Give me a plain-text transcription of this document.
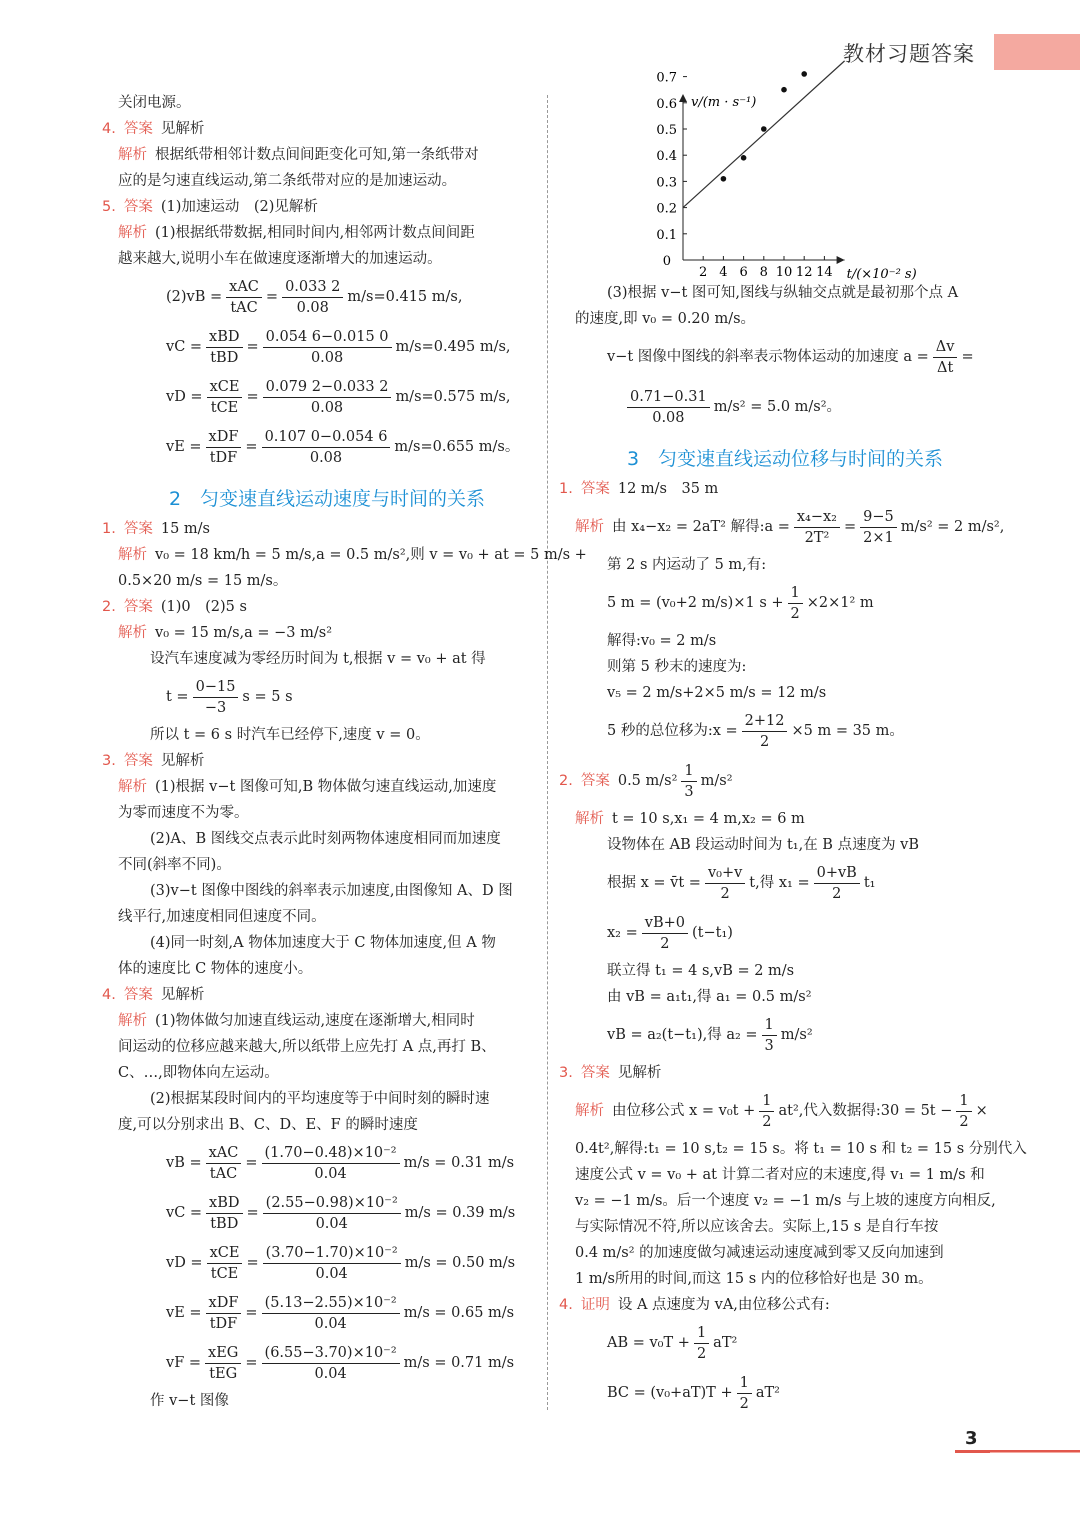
教材习题答案
关闭电源。
4. 答案 见解析
解析 根据纸带相邻计数点间间距变化可知,第一条纸带对
应的是匀速直线运动,第二条纸带对应的是加速运动。
5. 答案 (1)加速运动　(2)见解析
解析 (1)根据纸带数据,相同时间内,相邻两计数点间间距
越来越大,说明小车在做速度逐渐增大的加速运动。
$(2)vB = \frac{\text{xAC}}{\text{tAC}} = \frac{0.033 2}{0.08} m/s=0.415$ m/s,
vC = $\frac{\text{xBD}}{\text{tBD}} = \frac{0.054 6-0.015 0}{0.08} m/s=0.495$ m/s,
vD = $\frac{\text{xCE}}{\text{tCE}} = \frac{0.079 2-0.033 2}{0.08} m/s=0.575$ m/s,
vE = $\frac{\text{xDF}}{\text{tDF}} = \frac{0.107 0-0.054 6}{0.08} m/s=0.655$ m/s。
2　匀变速直线运动速度与时间的关系
1. 答案 15 m/s
解析 v₀ = 18 km/h = 5 m/s,a = 0.5 m/s²,则 v = v₀ + at = 5 m/s +
0.5×20 m/s = 15 m/s。
2. 答案 (1)0　(2)5 s
解析 v₀ = 15 m/s,a = −3 m/s²
设汽车速度减为零经历时间为 t,根据 v = v₀ + at 得
$t = \frac{0-15}{-3}$ s = 5 s
所以 t = 6 s 时汽车已经停下,速度 v = 0。
3. 答案 见解析
解析 (1)根据 v−t 图像可知,B 物体做匀速直线运动,加速度
为零而速度不为零。
(2)A、B 图线交点表示此时刻两物体速度相同而加速度
不同(斜率不同)。
(3)v−t 图像中图线的斜率表示加速度,由图像知 A、D 图
线平行,加速度相同但速度不同。
(4)同一时刻,A 物体加速度大于 C 物体加速度,但 A 物
体的速度比 C 物体的速度小。
4. 答案 见解析
解析 (1)物体做匀加速直线运动,速度在逐渐增大,相同时
间运动的位移应越来越大,所以纸带上应先打 A 点,再打 B、
C、…,即物体向左运动。
(2)根据某段时间内的平均速度等于中间时刻的瞬时速
度,可以分别求出 B、C、D、E、F 的瞬时速度
vB = $\frac{\text{xAC}}{\text{tAC}} = \frac{\text{(1.70−0.48)×10⁻²}}{0.04} m/s = 0.31$ m/s
vC = $\frac{\text{xBD}}{\text{tBD}} = \frac{\text{(2.55−0.98)×10⁻²}}{0.04} m/s = 0.39$ m/s
vD = $\frac{\text{xCE}}{\text{tCE}} = \frac{\text{(3.70−1.70)×10⁻²}}{0.04} m/s = 0.50$ m/s
vE = $\frac{\text{xDF}}{\text{tDF}} = \frac{\text{(5.13−2.55)×10⁻²}}{0.04} m/s = 0.65$ m/s
vF = $\frac{\text{xEG}}{\text{tEG}} = \frac{\text{(6.55−3.70)×10⁻²}}{0.04} m/s = 0.71$ m/s
作 v−t 图像
0
2 4 6 8 10 12 14
0.1
0.2
0.3
0.4
0.5
0.6
0.7
v/(m · s⁻¹)
t/(×10⁻² s)
(3)根据 v−t 图可知,图线与纵轴交点就是最初那个点 A
的速度,即 v₀ = 0.20 m/s。
v−t 图像中图线的斜率表示物体运动的加速度 $a = \frac{\Delta v}{\Delta t}$ =
$\frac{0.71-0.31}{0.08} m/s^2 = 5.0$ m/s²。
3　匀变速直线运动位移与时间的关系
1. 答案 12 m/s　35 m
解析 由 x₄−x₂ = 2aT² 解得:a = $\frac{\text{x₄−x₂}}{\text{2T²}} = \frac{9-5}{2\times 1} m/s^2 = 2$ m/s²,
第 2 s 内运动了 5 m,有:
5 m = (v₀+2 m/s)×1 $s + \frac{1}{2} \times 2\times 1^2$ m
解得:v₀ = 2 m/s
则第 5 秒末的速度为:
v₅ = 2 m/s+2×5 m/s = 12 m/s
5 秒的总位移为:x = $\frac{2+12}{2} \times 5$ m = 35 m。
2. 答案 0.5 $m/s^2 \frac{1}{3} m/s^2$
解析 t = 10 s,x₁ = 4 m,x₂ = 6 m
设物体在 AB 段运动时间为 t₁,在 B 点速度为 vB
根据 x = v̄t = $\frac{\text{v₀+v}}{2} t$,得 $x_1 = \frac{0+vB}{2} t_1$
$x_2 = \frac{vB+0}{2} (t-t_1)$
联立得 t₁ = 4 s,vB = 2 m/s
由 vB = a₁t₁,得 a₁ = 0.5 m/s²
vB = a₂(t−t₁),得 $a_2 = \frac{1}{3} m/s^2$
3. 答案 见解析
解析 由位移公式 $x = v_0t + \frac{1}{2} at^2$,代入数据得:30 = $5t - \frac{1}{2}$ ×
0.4t²,解得:t₁ = 10 s,t₂ = 15 s。将 t₁ = 10 s 和 t₂ = 15 s 分别代入
速度公式 v = v₀ + at 计算二者对应的末速度,得 v₁ = 1 m/s 和
v₂ = −1 m/s。后一个速度 v₂ = −1 m/s 与上坡的速度方向相反,
与实际情况不符,所以应该舍去。实际上,15 s 是自行车按
0.4 m/s² 的加速度做匀减速运动速度减到零又反向加速到
1 m/s所用的时间,而这 15 s 内的位移恰好也是 30 m。
4. 证明 设 A 点速度为 vA,由位移公式有:
AB = $v_0T + \frac{1}{2} aT^2$
BC = $(v_0+aT)T + \frac{1}{2} aT^2$
3
